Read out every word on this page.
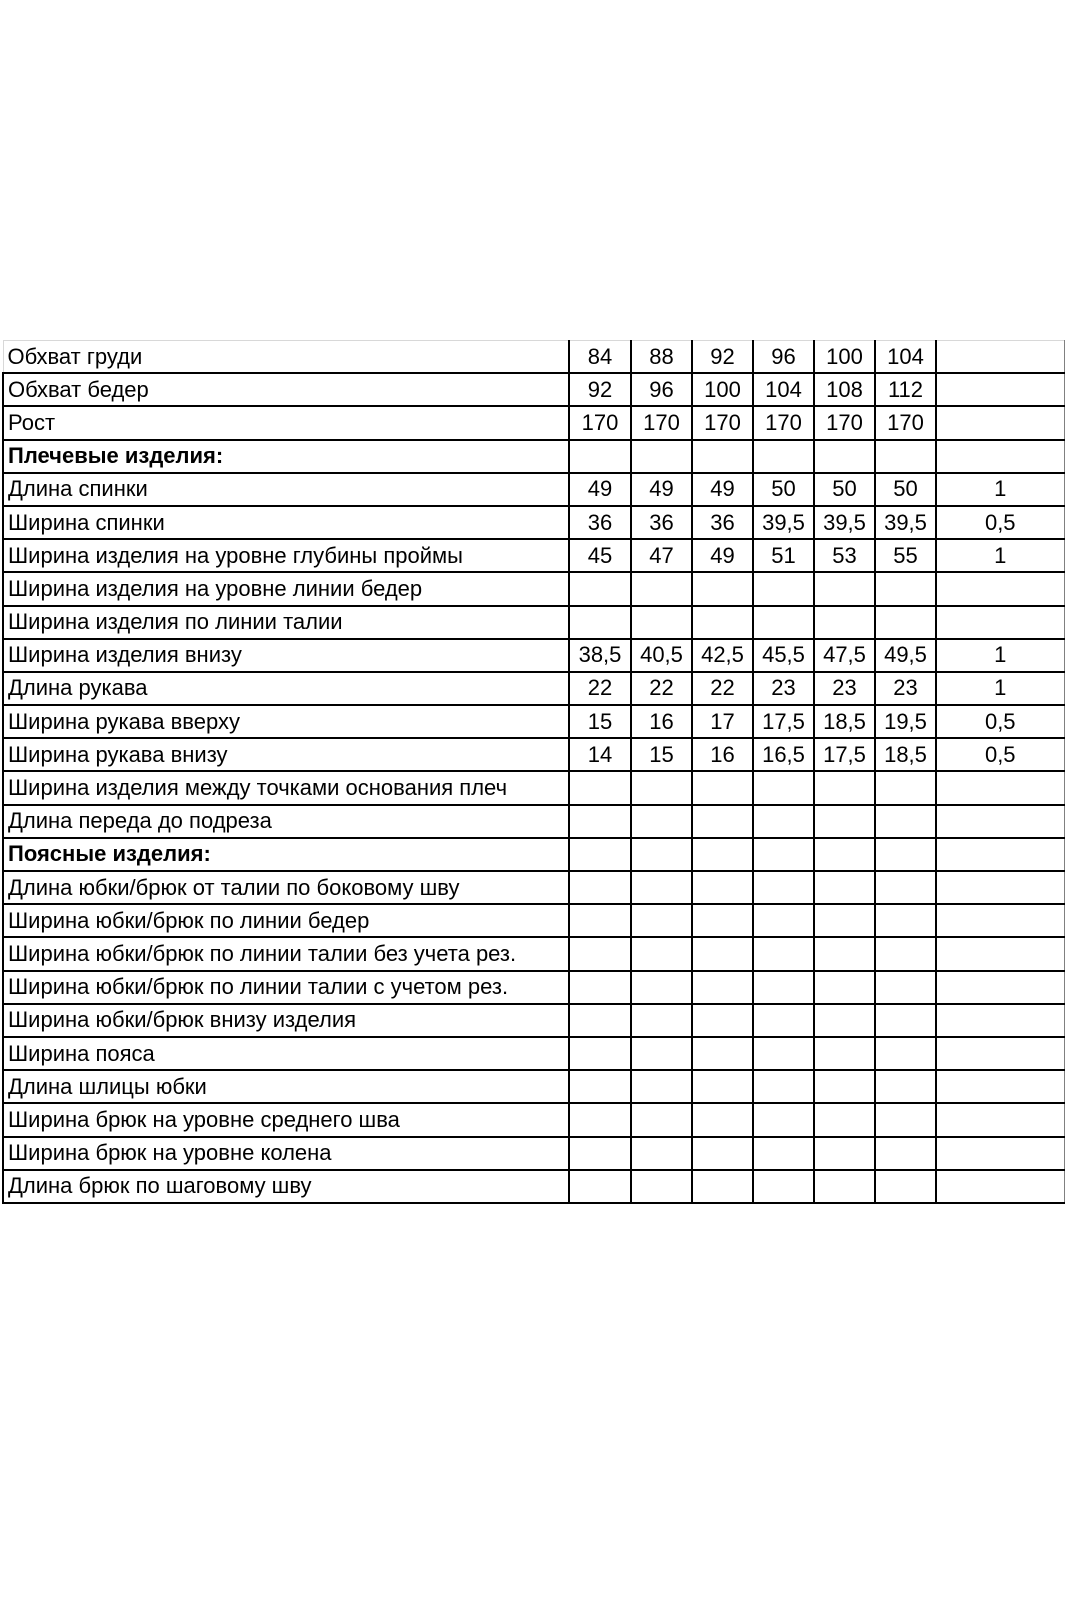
Обхват груди	84	88	92	96	100	104	
Обхват бедер	92	96	100	104	108	112	
Рост	170	170	170	170	170	170	
Плечевые изделия:							
Длина спинки	49	49	49	50	50	50	1
Ширина спинки	36	36	36	39,5	39,5	39,5	0,5
Ширина изделия на уровне глубины проймы	45	47	49	51	53	55	1
Ширина изделия на уровне линии бедер							
Ширина изделия по линии талии							
Ширина изделия внизу	38,5	40,5	42,5	45,5	47,5	49,5	1
Длина рукава	22	22	22	23	23	23	1
Ширина рукава вверху	15	16	17	17,5	18,5	19,5	0,5
Ширина рукава внизу	14	15	16	16,5	17,5	18,5	0,5
Ширина изделия между точками основания плеч							
Длина переда до подреза							
Поясные изделия:							
Длина юбки/брюк от талии по боковому шву							
Ширина юбки/брюк по линии бедер							
Ширина юбки/брюк по линии талии без учета рез.							
Ширина юбки/брюк по линии талии с учетом рез.							
Ширина юбки/брюк внизу изделия							
Ширина пояса							
Длина шлицы юбки							
Ширина брюк на уровне среднего шва							
Ширина брюк на уровне колена							
Длина брюк по шаговому шву							
